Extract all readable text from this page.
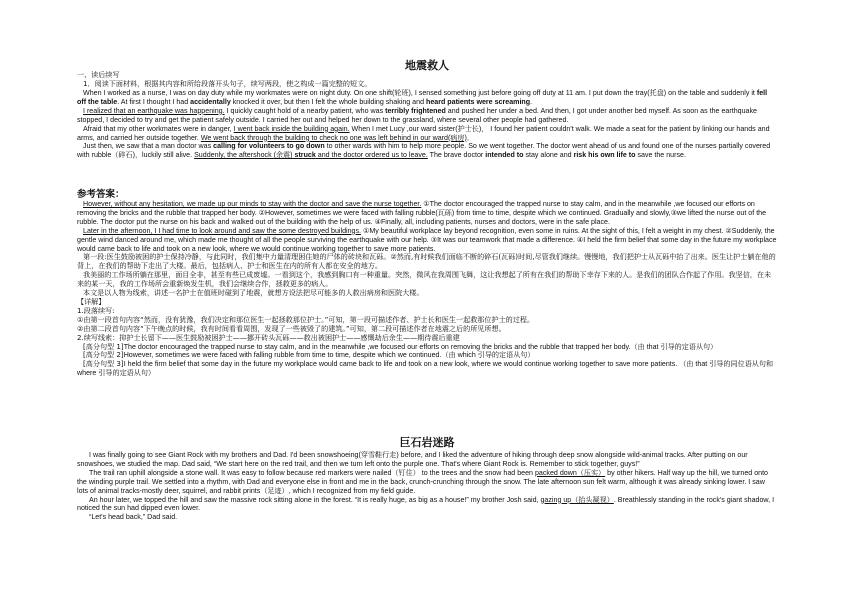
地震救人

一、读后续写

1．阅读下面材料，根据其内容和所给段落开头句子，续写两段，使之构成一篇完整的短文。

When I worked as a nurse, I was on day duty while my workmates were on night duty. On one shift(轮班), I sensed something just before going off duty at 11 am. I put down the tray(托盘) on the table and suddenly it fell off the table. At first I thought I had accidentally knocked it over, but then I felt the whole building shaking and heard patients were screaming.

I realized that an earthquake was happening. I quickly caught hold of a nearby patient, who was terribly frightened and pushed her under a bed. And then, I got under another bed myself. As soon as the earthquake stopped, I decided to try and get the patient safely outside. I carried her out and helped her down to the grassland, where several other people had gathered.

Afraid that my other workmates were in danger, I went back inside the building again. When I met Lucy ,our ward sister(护士长)， I found her patient couldn't walk. We made a seat for the patient by linking our hands and arms, and carried her outside together. We went back through the building to check no one was left behind in our ward(病房)．

Just then, we saw that a man doctor was calling for volunteers to go down to other wards with him to help more people. So we went together. The doctor went ahead of us and found one of the nurses partially covered with rubble（碎石)，luckily still alive. Suddenly, the aftershock (余震) struck and the doctor ordered us to leave. The brave doctor intended to stay alone and risk his own life to save the nurse.

参考答案：

However, without any hesitation, we made up our minds to stay with the doctor and save the nurse together. ①The doctor encouraged the trapped nurse to stay calm, and in the meanwhile ,we focused our efforts on removing the bricks and the rubble that trapped her body. ②However, sometimes we were faced with falling rubble(瓦砾) from time to time, despite which we continued. Gradually and slowly,③we lifted the nurse out of the rubble. The doctor put the nurse on his back and walked out of the building with the help of us. ④Finally, all, including patients, nurses and doctors, were in the safe place.

Later in the afternoon, I I had time to look around and saw the some destroyed buildings. ①My beautiful workplace lay beyond recognition, even some in ruins. At the sight of this, I felt a weight in my chest. ②Suddenly, the gentle wind danced around me, which made me thought of all the people surviving the earthquake with our help. ③It was our teamwork that made a difference. ④I held the firm belief that some day in the future my workplace would came back to life and took on a new look, where we would continue working together to save more patients.

第一段:医生鼓励被困的护士保持冷静，与此同时，我们集中力量清理困住她的尸体的砖块和瓦砾。②然而,有时候我们面临不断的碎石(瓦砾)时间,尽管我们继续。慢慢地，我们把护士从瓦砾中抬了出来。医生让护士躺在他的背上，在我们的帮助下走出了大楼。最后，包括病人、护士和医生在内的所有人都在安全的地方。

我美丽的工作场所躺在那里，面目全非，甚至有些已成废墟。一看到这个，我感到胸口有一种重量。突然，微风在我周围飞舞，这让我想起了所有在我们的帮助下幸存下来的人。是我们的团队合作起了作用。我坚信，在未来的某一天，我的工作场所会重新焕发生机，我们会继续合作，拯救更多的病人。

本文是以人物为线索，讲述一名护士在值班时碰到了地震，就想方设法把尽可能多的人救出病房和医院大楼。

【详解】

1.段落续写:

①由第一段首句内容“然而，没有犹豫，我们决定和那位医生一起拯救那位护士。”可知，第一段可描述作者、护士长和医生一起救那位护士的过程。

②由第二段首句内容“下午晚点的时候，我有时间看看周围，发现了一些被毁了的建筑。”可知，第二段可描述作者在地震之后的所见所想。

2.续写线索：抑护士长留下——医生鼓励被困护士——挪开砖头瓦砾——救出被困护士——感慨劫后余生——期待震后重建

[高分句型 1]The doctor encouraged the trapped nurse to stay calm, and in the meanwhile ,we focused our efforts on removing the bricks and the rubble that trapped her body.（由 that 引导的定语从句）

[高分句型 2]However, sometimes we were faced with falling rubble from time to time, despite which we continued.（由 which 引导的定语从句）

[高分句型 3]I held the firm belief that some day in the future my workplace would came back to life and took on a new look, where we would continue working together to save more patients. （由 that 引导的同位语从句和 where 引导的定语从句）

巨石岩迷路

I was finally going to see Giant Rock with my brothers and Dad. I'd been snowshoeing(穿雪鞋行走) before, and I liked the adventure of hiking through deep snow alongside wild-animal tracks. After putting on our snowshoes, we studied the map. Dad said, “We start here on the red trail, and then we turn left onto the purple one. That's where Giant Rock is. Remember to stick together, guys!”

The trail ran uphill alongside a stone wall. It was easy to follow because red markers were nailed（钉住） to the trees and the snow had been packed down（压实） by other hikers. Half way up the hill, we turned onto the winding purple trail. We settled into a rhythm, with Dad and everyone else in front and me in the back, crunch-crunching through the snow. The late afternoon sun felt warm, although it was already sinking lower. I saw lots of animal tracks-mostly deer, squirrel, and rabbit prints（足迹）, which I recognized from my field guide.

An hour later, we topped the hill and saw the massive rock sitting alone in the forest. “It is really huge, as big as a house!” my brother Josh said, gazing up（抬头凝视）. Breathlessly standing in the rock's giant shadow, I noticed the sun had dipped even lower.

“Let's head back,” Dad said.
